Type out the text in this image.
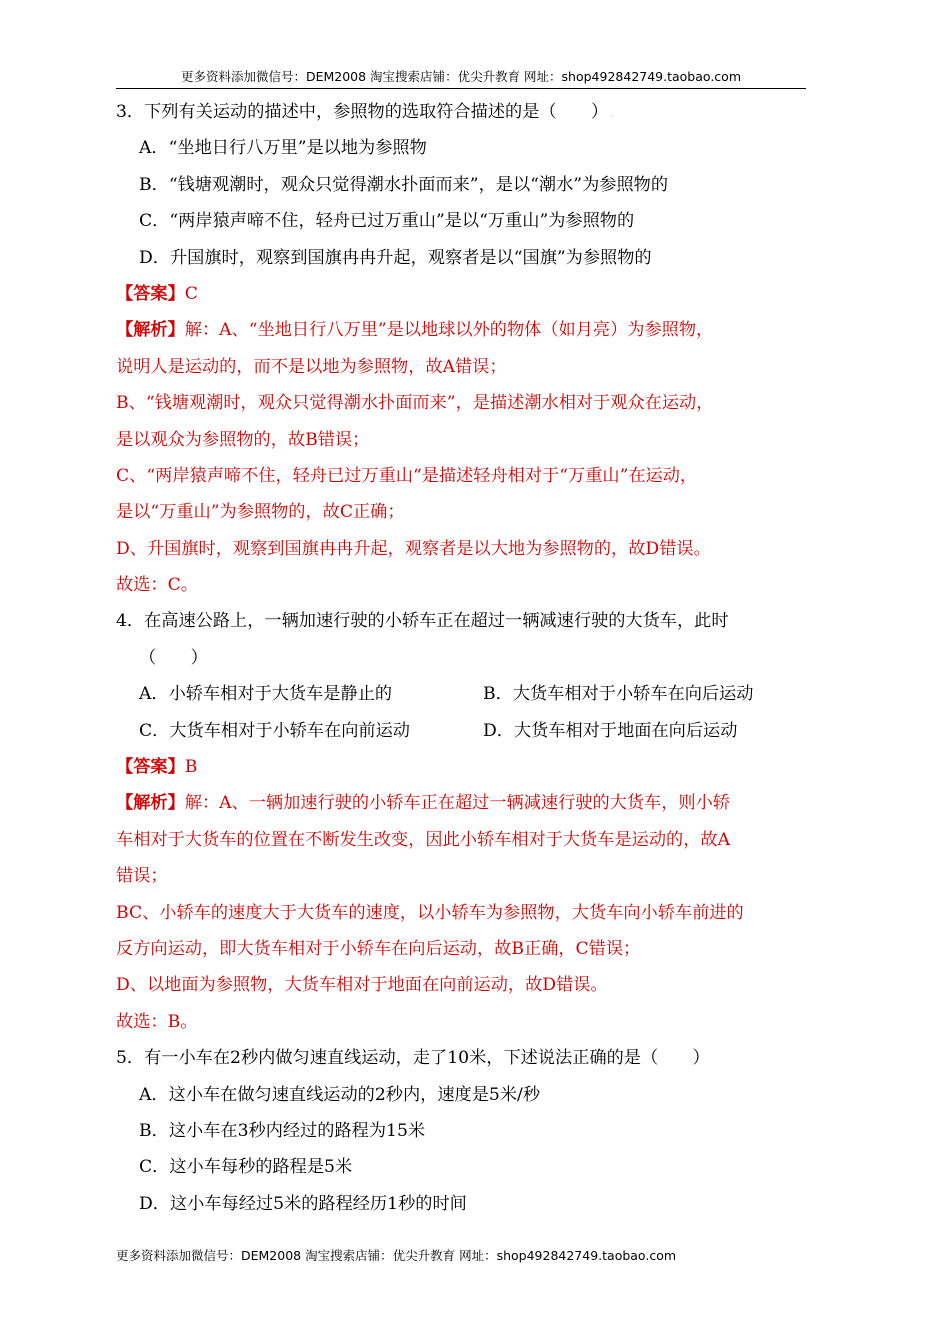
更多资料添加微信号：DEM2008 淘宝搜索店铺：优尖升教育 网址：shop492842749.taobao.com
3．下列有关运动的描述中，参照物的选取符合描述的是（　　） .
A．“坐地日行八万里”是以地为参照物
B．“钱塘观潮时，观众只觉得潮水扑面而来”，是以“潮水”为参照物的
C．“两岸猿声啼不住，轻舟已过万重山”是以“万重山”为参照物的
D．升国旗时，观察到国旗冉冉升起，观察者是以“国旗”为参照物的
【答案】C
【解析】解：A、“坐地日行八万里”是以地球以外的物体（如月亮）为参照物，
说明人是运动的，而不是以地为参照物，故A错误；
B、“钱塘观潮时，观众只觉得潮水扑面而来”，是描述潮水相对于观众在运动，
是以观众为参照物的，故B错误；
C、“两岸猿声啼不住，轻舟已过万重山“是描述轻舟相对于“万重山”在运动，
是以“万重山”为参照物的，故C正确；
D、升国旗时，观察到国旗冉冉升起，观察者是以大地为参照物的，故D错误。
故选：C。
4．在高速公路上，一辆加速行驶的小轿车正在超过一辆减速行驶的大货车，此时
（　　）
A．小轿车相对于大货车是静止的	B．大货车相对于小轿车在向后运动
C．大货车相对于小轿车在向前运动	D．大货车相对于地面在向后运动
【答案】B
【解析】解：A、一辆加速行驶的小轿车正在超过一辆减速行驶的大货车，则小轿
车相对于大货车的位置在不断发生改变，因此小轿车相对于大货车是运动的，故A
错误；
BC、小轿车的速度大于大货车的速度，以小轿车为参照物，大货车向小轿车前进的
反方向运动，即大货车相对于小轿车在向后运动，故B正确，C错误；
D、以地面为参照物，大货车相对于地面在向前运动，故D错误。
故选：B。
5．有一小车在2秒内做匀速直线运动，走了10米，下述说法正确的是（　　）
A．这小车在做匀速直线运动的2秒内，速度是5米/秒
B．这小车在3秒内经过的路程为15米
C．这小车每秒的路程是5米
D．这小车每经过5米的路程经历1秒的时间
更多资料添加微信号：DEM2008 淘宝搜索店铺：优尖升教育 网址：shop492842749.taobao.com
